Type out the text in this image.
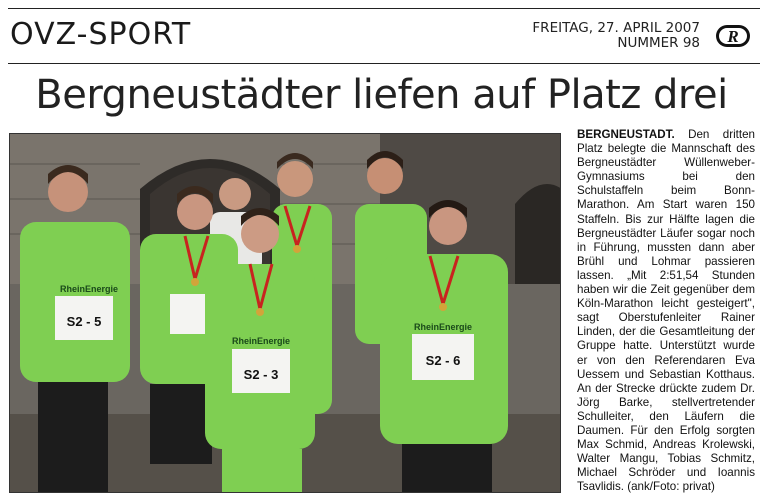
OVZ-SPORT	FREITAG, 27. APRIL 2007
NUMMER 98 R
Bergneustädter liefen auf Platz drei
S2 - 5
S2 - 3
S2 - 6
RheinEnergie
RheinEnergie
RheinEnergie
BERGNEUSTADT. Den dritten Platz belegte die Mannschaft des Bergneustädter Wüllenweber-Gymnasiums bei den Schulstaffeln beim Bonn-Marathon. Am Start waren 150 Staffeln. Bis zur Hälfte lagen die Bergneustädter Läufer sogar noch in Führung, mussten dann aber Brühl und Lohmar passieren lassen. „Mit 2:51,54 Stunden haben wir die Zeit gegenüber dem Köln-Marathon leicht gesteigert", sagt Oberstufenleiter Rainer Linden, der die Gesamtleitung der Gruppe hatte. Unterstützt wurde er von den Referendaren Eva Uessem und Sebastian Kotthaus. An der Strecke drückte zudem Dr. Jörg Barke, stellvertretender Schulleiter, den Läufern die Daumen. Für den Erfolg sorgten Max Schmid, Andreas Krolewski, Walter Mangu, Tobias Schmitz, Michael Schröder und Ioannis Tsavlidis. (ank/Foto: privat)
